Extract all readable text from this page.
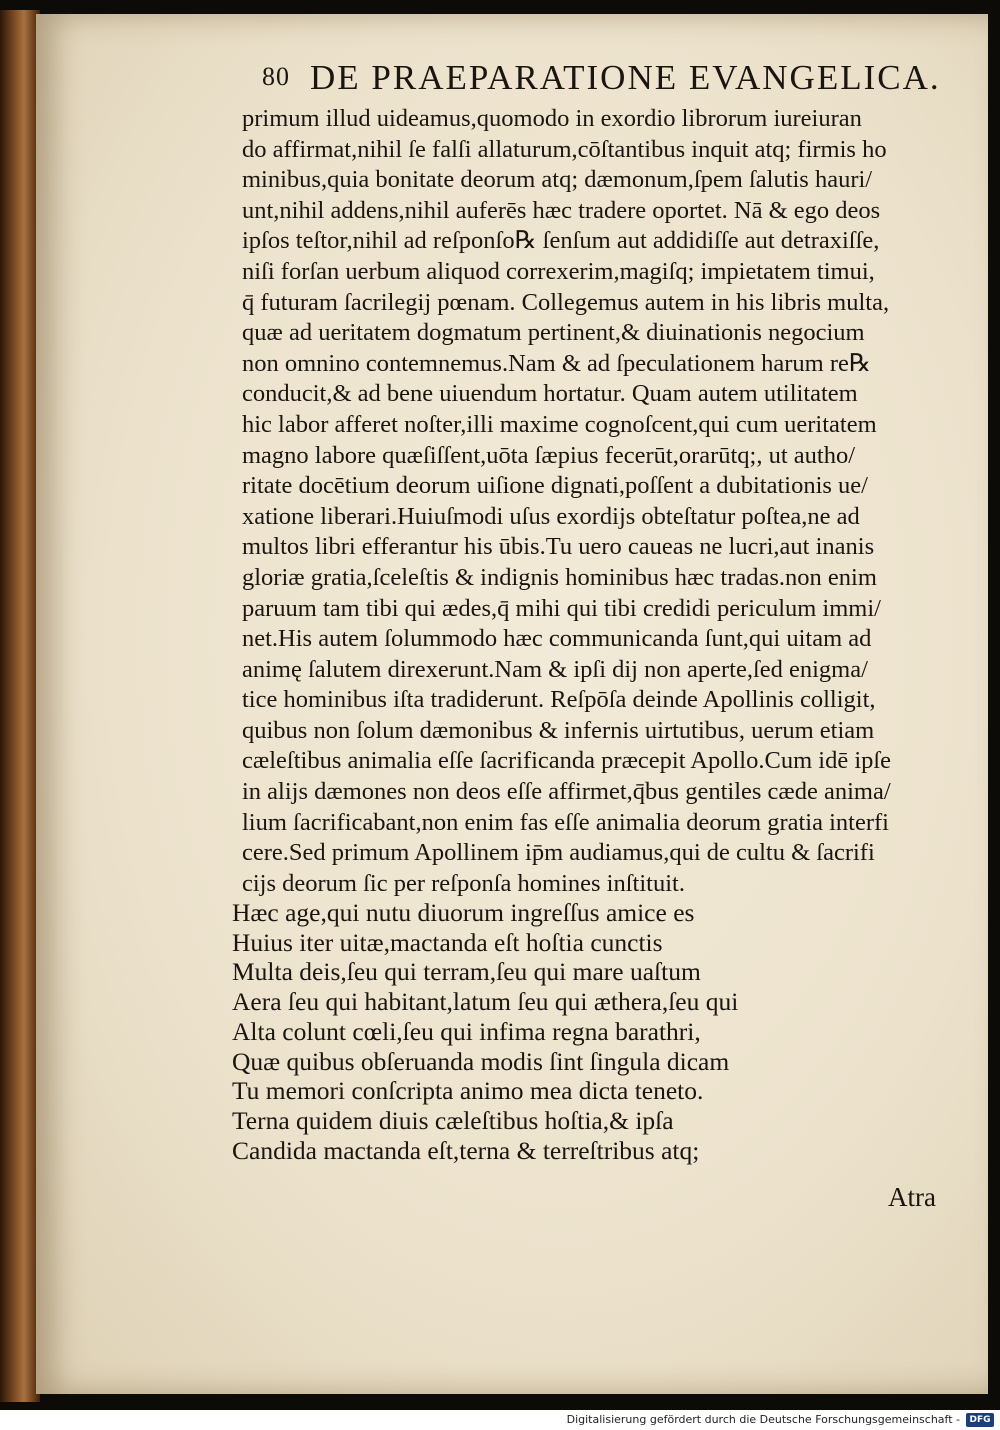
80 DE PRAEPARATIONE EVANGELICA.
primum illud uideamus,quomodo in exordio librorum iureiuran
do affirmat,nihil ſe falſi allaturum,cōſtantibus inquit atq; firmis ho
minibus,quia bonitate deorum atq; dæmonum,ſpem ſalutis hauri/
unt,nihil addens,nihil auferēs hæc tradere oportet. Nā & ego deos
ipſos teſtor,nihil ad reſponſo℞ ſenſum aut addidiſſe aut detraxiſſe,
niſi forſan uerbum aliquod correxerim,magiſq; impietatem timui,
q̄ futuram ſacrilegij pœnam. Collegemus autem in his libris multa,
quæ ad ueritatem dogmatum pertinent,& diuinationis negocium
non omnino contemnemus.Nam & ad ſpeculationem harum re℞
conducit,& ad bene uiuendum hortatur. Quam autem utilitatem
hic labor afferet noſter,illi maxime cognoſcent,qui cum ueritatem
magno labore quæſiſſent,uōta ſæpius fecerūt,orarūtq;, ut autho/
ritate docētium deorum uiſione dignati,poſſent a dubitationis ue/
xatione liberari.Huiuſmodi uſus exordijs obteſtatur poſtea,ne ad
multos libri efferantur his ūbis.Tu uero caueas ne lucri,aut inanis
gloriæ gratia,ſceleſtis & indignis hominibus hæc tradas.non enim
paruum tam tibi qui ædes,q̄ mihi qui tibi credidi periculum immi/
net.His autem ſolummodo hæc communicanda ſunt,qui uitam ad
animę ſalutem direxerunt.Nam & ipſi dij non aperte,ſed enigma/
tice hominibus iſta tradiderunt. Reſpōſa deinde Apollinis colligit,
quibus non ſolum dæmonibus & infernis uirtutibus, uerum etiam
cæleſtibus animalia eſſe ſacrificanda præcepit Apollo.Cum idē ipſe
in alijs dæmones non deos eſſe affirmet,q̄bus gentiles cæde anima/
lium ſacrificabant,non enim fas eſſe animalia deorum gratia interfi
cere.Sed primum Apollinem ip̄m audiamus,qui de cultu & ſacrifi
cijs deorum ſic per reſponſa homines inſtituit.
Hæc age,qui nutu diuorum ingreſſus amice es
Huius iter uitæ,mactanda eſt hoſtia cunctis
Multa deis,ſeu qui terram,ſeu qui mare uaſtum
Aera ſeu qui habitant,latum ſeu qui æthera,ſeu qui
Alta colunt cœli,ſeu qui infima regna barathri,
Quæ quibus obſeruanda modis ſint ſingula dicam
Tu memori conſcripta animo mea dicta teneto.
Terna quidem diuis cæleſtibus hoſtia,& ipſa
Candida mactanda eſt,terna & terreſtribus atq;
Atra
Digitalisierung gefördert durch die Deutsche Forschungsgemeinschaft -	DFG
